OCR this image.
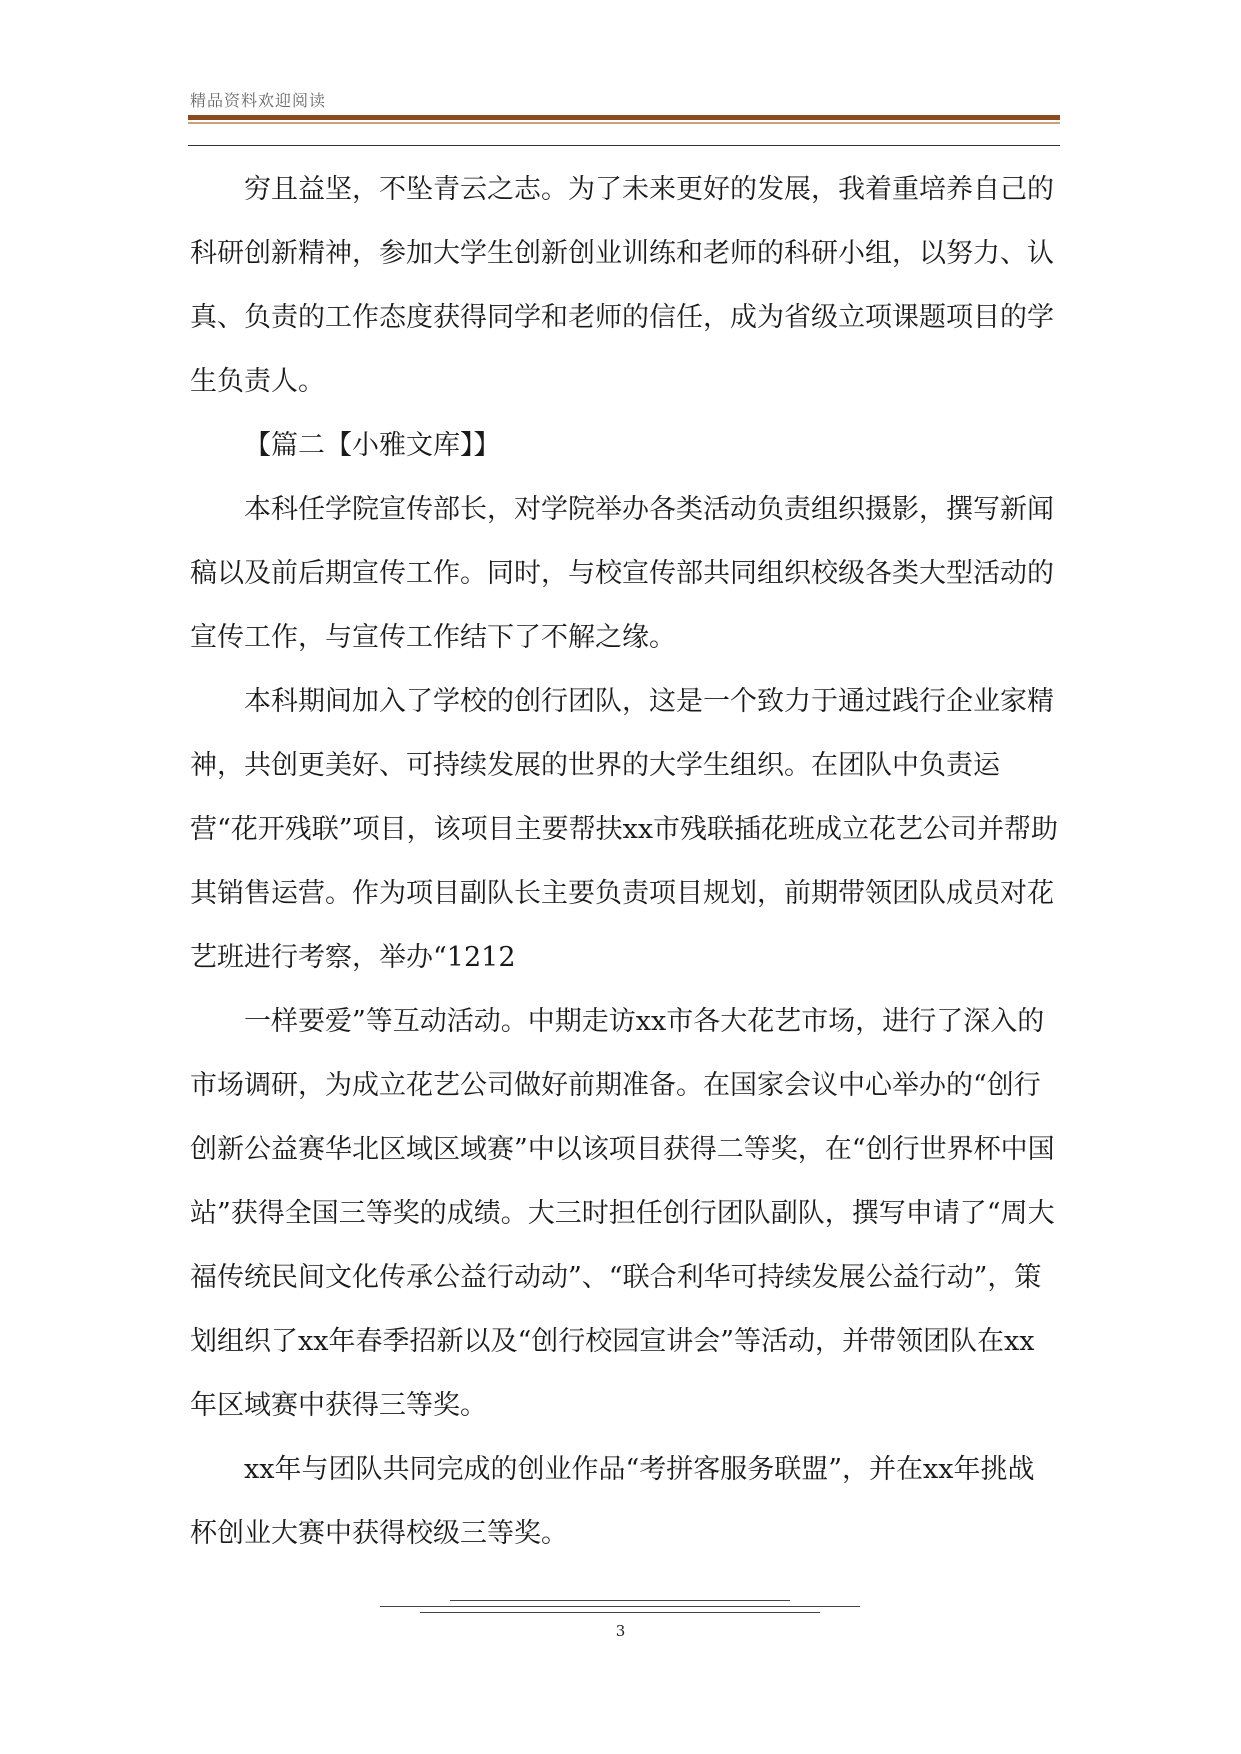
精品资料欢迎阅读

穷且益坚，不坠青云之志。为了未来更好的发展，我着重培养自己的科研创新精神，参加大学生创新创业训练和老师的科研小组，以努力、认真、负责的工作态度获得同学和老师的信任，成为省级立项课题项目的学生负责人。

【篇二【小雅文库】】

本科任学院宣传部长，对学院举办各类活动负责组织摄影，撰写新闻稿以及前后期宣传工作。同时，与校宣传部共同组织校级各类大型活动的宣传工作，与宣传工作结下了不解之缘。

本科期间加入了学校的创行团队，这是一个致力于通过践行企业家精神，共创更美好、可持续发展的世界的大学生组织。在团队中负责运营“花开残联”项目，该项目主要帮扶xx市残联插花班成立花艺公司并帮助其销售运营。作为项目副队长主要负责项目规划，前期带领团队成员对花艺班进行考察，举办“1212

一样要爱”等互动活动。中期走访xx市各大花艺市场，进行了深入的市场调研，为成立花艺公司做好前期准备。在国家会议中心举办的“创行创新公益赛华北区域区域赛”中以该项目获得二等奖，在“创行世界杯中国站”获得全国三等奖的成绩。大三时担任创行团队副队，撰写申请了“周大福传统民间文化传承公益行动动”、“联合利华可持续发展公益行动”，策划组织了xx年春季招新以及“创行校园宣讲会”等活动，并带领团队在xx年区域赛中获得三等奖。

xx年与团队共同完成的创业作品“考拼客服务联盟”，并在xx年挑战杯创业大赛中获得校级三等奖。

3
